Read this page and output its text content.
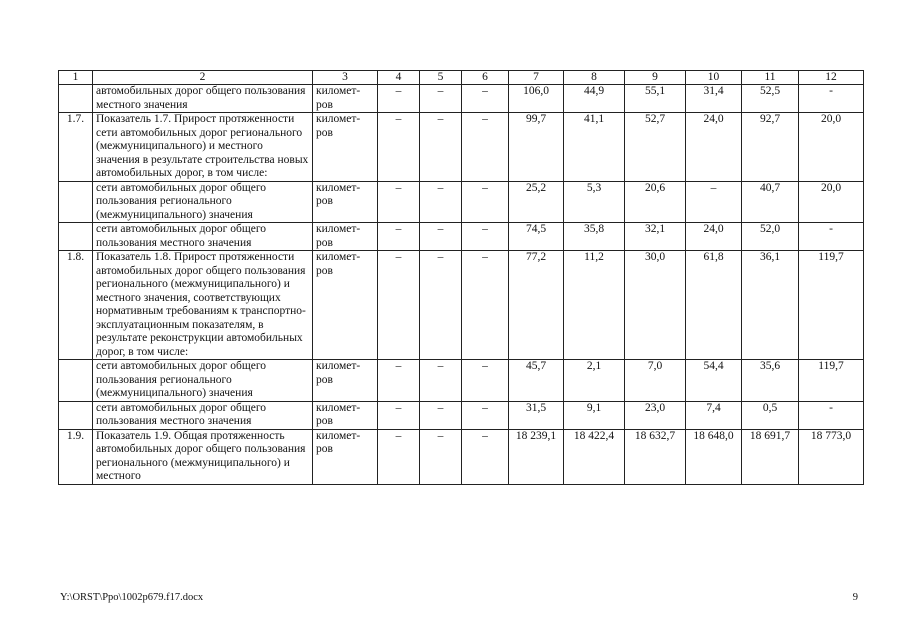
1	2	3	4	5	6	7	8	9	10	11	12
	автомобильных дорог общего пользования местного значения	километ-ров	–	–	–	106,0	44,9	55,1	31,4	52,5	-
1.7.	Показатель 1.7. Прирост протяженности сети автомобильных дорог регионального (межмуниципального) и местного значения в результате строительства новых автомобильных дорог, в том числе:	километ-ров	–	–	–	99,7	41,1	52,7	24,0	92,7	20,0
	сети автомобильных дорог общего пользования регионального (межмуниципального) значения	километ-ров	–	–	–	25,2	5,3	20,6	–	40,7	20,0
	сети автомобильных дорог общего пользования местного значения	километ-ров	–	–	–	74,5	35,8	32,1	24,0	52,0	-
1.8.	Показатель 1.8. Прирост протяженности автомобильных дорог общего пользования регионального (межмуниципального) и местного значения, соответствующих нормативным требованиям к транспортно-эксплуатационным показателям, в результате реконструкции автомобильных дорог, в том числе:	километ-ров	–	–	–	77,2	11,2	30,0	61,8	36,1	119,7
	сети автомобильных дорог общего пользования регионального (межмуниципального) значения	километ-ров	–	–	–	45,7	2,1	7,0	54,4	35,6	119,7
	сети автомобильных дорог общего пользования местного значения	километ-ров	–	–	–	31,5	9,1	23,0	7,4	0,5	-
1.9.	Показатель 1.9. Общая протяженность автомобильных дорог общего пользования регионального (межмуниципального) и местного	километ-ров	–	–	–	18 239,1	18 422,4	18 632,7	18 648,0	18 691,7	18 773,0
Y:\ORST\Ppo\1002p679.f17.docx	9
